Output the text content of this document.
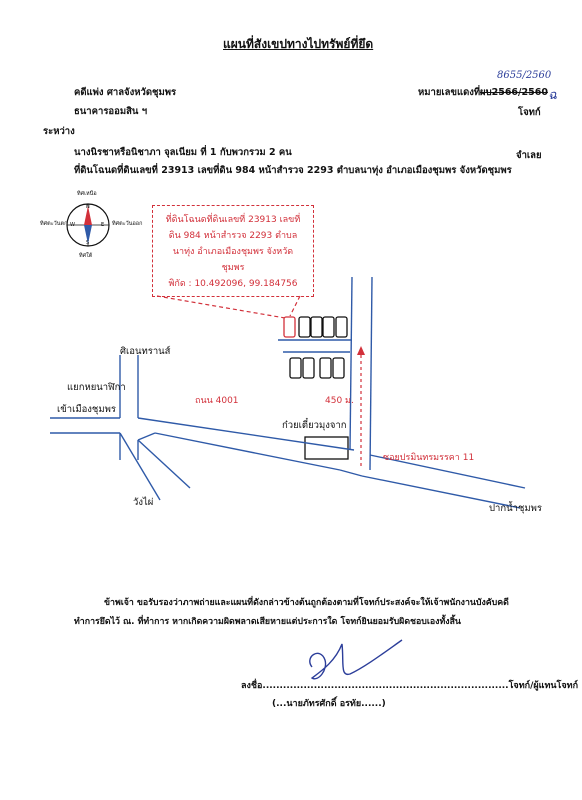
แผนที่สังเขปทางไปทรัพย์ที่ยึด
คดีแพ่ง ศาลจังหวัดชุมพร	หมายเลขแดงที่ ผบ2566/2560
8655/2560
ฉ
ธนาคารออมสิน ฯ	โจทก์
ระหว่าง
นางนิรชาหรือนิชาภา จุลเนียม ที่ 1 กับพวกรวม 2 คน	จำเลย
ที่ดินโฉนดที่ดินเลขที่ 23913 เลขที่ดิน 984 หน้าสำรวจ 2293 ตำบลนาทุ่ง อำเภอเมืองชุมพร จังหวัดชุมพร
ทิศเหนือ
ทิศใต้
ทิศตะวันออก
ทิศตะวันตก
N
S
E
W	ที่ดินโฉนดที่ดินเลขที่ 23913 เลขที่
ดิน 984 หน้าสำรวจ 2293 ตำบล
นาทุ่ง อำเภอเมืองชุมพร จังหวัด
ชุมพร
พิกัด : 10.492096, 99.184756
ศิเอนทรานส์
แยกหยนาฬิกา
เข้าเมืองชุมพร
ถนน 4001	450 ม.
ก๋วยเตี๋ยวมุงจาก
ซอยปรมินทรมรรคา 11
วังไผ่
ปากน้ำชุมพร
ข้าพเจ้า ขอรับรองว่าภาพถ่ายและแผนที่ดังกล่าวข้างต้นถูกต้องตามที่โจทก์ประสงค์จะให้เจ้าพนักงานบังคับคดี
ทำการยึดไว้ ณ. ที่ทำการ หากเกิดความผิดพลาดเสียหายแต่ประการใด โจทก์ยินยอมรับผิดชอบเองทั้งสิ้น
ลงชื่อ........................................................................โจทก์/ผู้แทนโจทก์
(...นายภัทรศักดิ์ อรทัย......)
